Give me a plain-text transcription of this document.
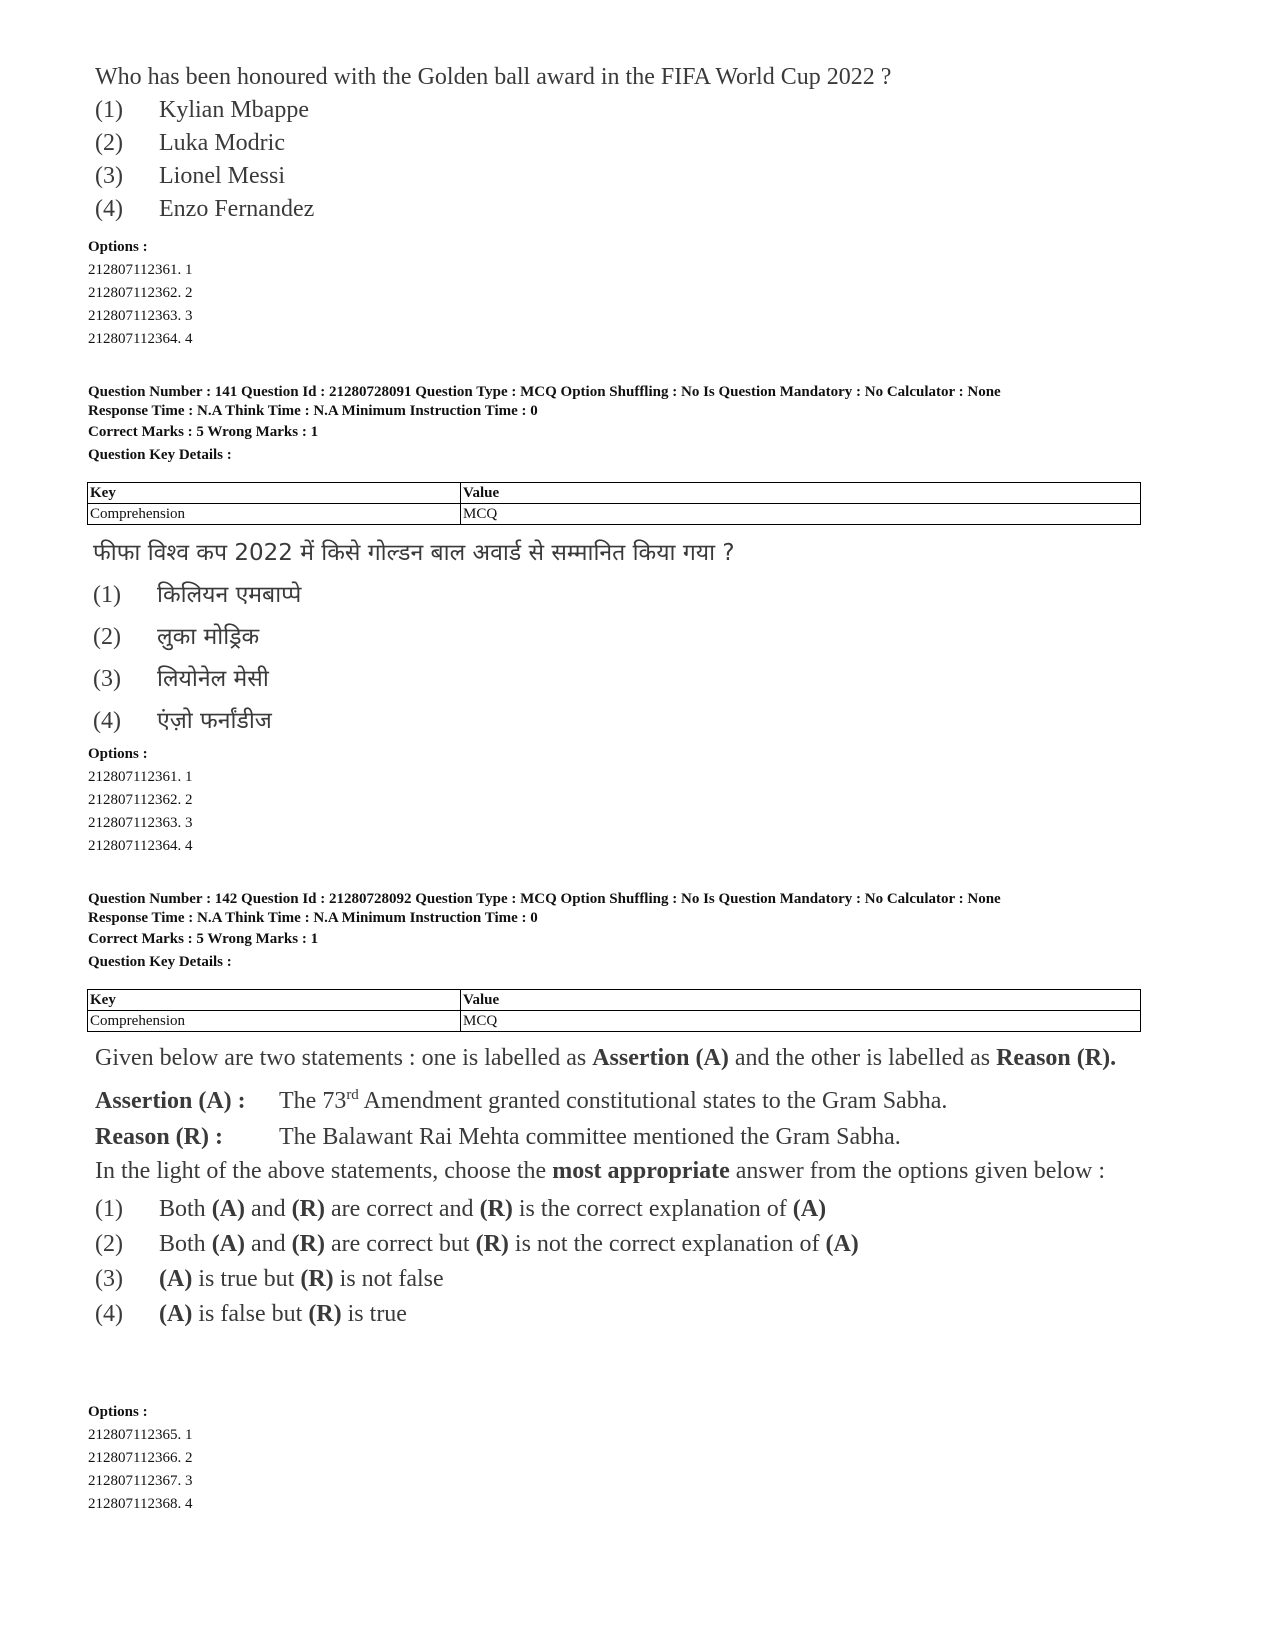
Who has been honoured with the Golden ball award in the FIFA World Cup 2022 ?
(1) Kylian Mbappe
(2) Luka Modric
(3) Lionel Messi
(4) Enzo Fernandez
Options :
212807112361. 1
212807112362. 2
212807112363. 3
212807112364. 4
Question Number : 141 Question Id : 21280728091 Question Type : MCQ Option Shuffling : No Is Question Mandatory : No Calculator : None
Response Time : N.A Think Time : N.A Minimum Instruction Time : 0
Correct Marks : 5 Wrong Marks : 1
Question Key Details :
Key	Value
Comprehension	MCQ
फीफा विश्व कप 2022 में किसे गोल्डन बाल अवार्ड से सम्मानित किया गया ?
(1) किलियन एमबाप्पे
(2) लुका मोड्रिक
(3) लियोनेल मेसी
(4) एंज़ो फर्नांडीज
Options :
212807112361. 1
212807112362. 2
212807112363. 3
212807112364. 4
Question Number : 142 Question Id : 21280728092 Question Type : MCQ Option Shuffling : No Is Question Mandatory : No Calculator : None
Response Time : N.A Think Time : N.A Minimum Instruction Time : 0
Correct Marks : 5 Wrong Marks : 1
Question Key Details :
Key	Value
Comprehension	MCQ
Given below are two statements : one is labelled as Assertion (A) and the other is labelled as Reason (R).
Assertion (A) : The 73rd Amendment granted constitutional states to the Gram Sabha.
Reason (R) : The Balawant Rai Mehta committee mentioned the Gram Sabha.
In the light of the above statements, choose the most appropriate answer from the options given below :
(1) Both (A) and (R) are correct and (R) is the correct explanation of (A)
(2) Both (A) and (R) are correct but (R) is not the correct explanation of (A)
(3) (A) is true but (R) is not false
(4) (A) is false but (R) is true
Options :
212807112365. 1
212807112366. 2
212807112367. 3
212807112368. 4
